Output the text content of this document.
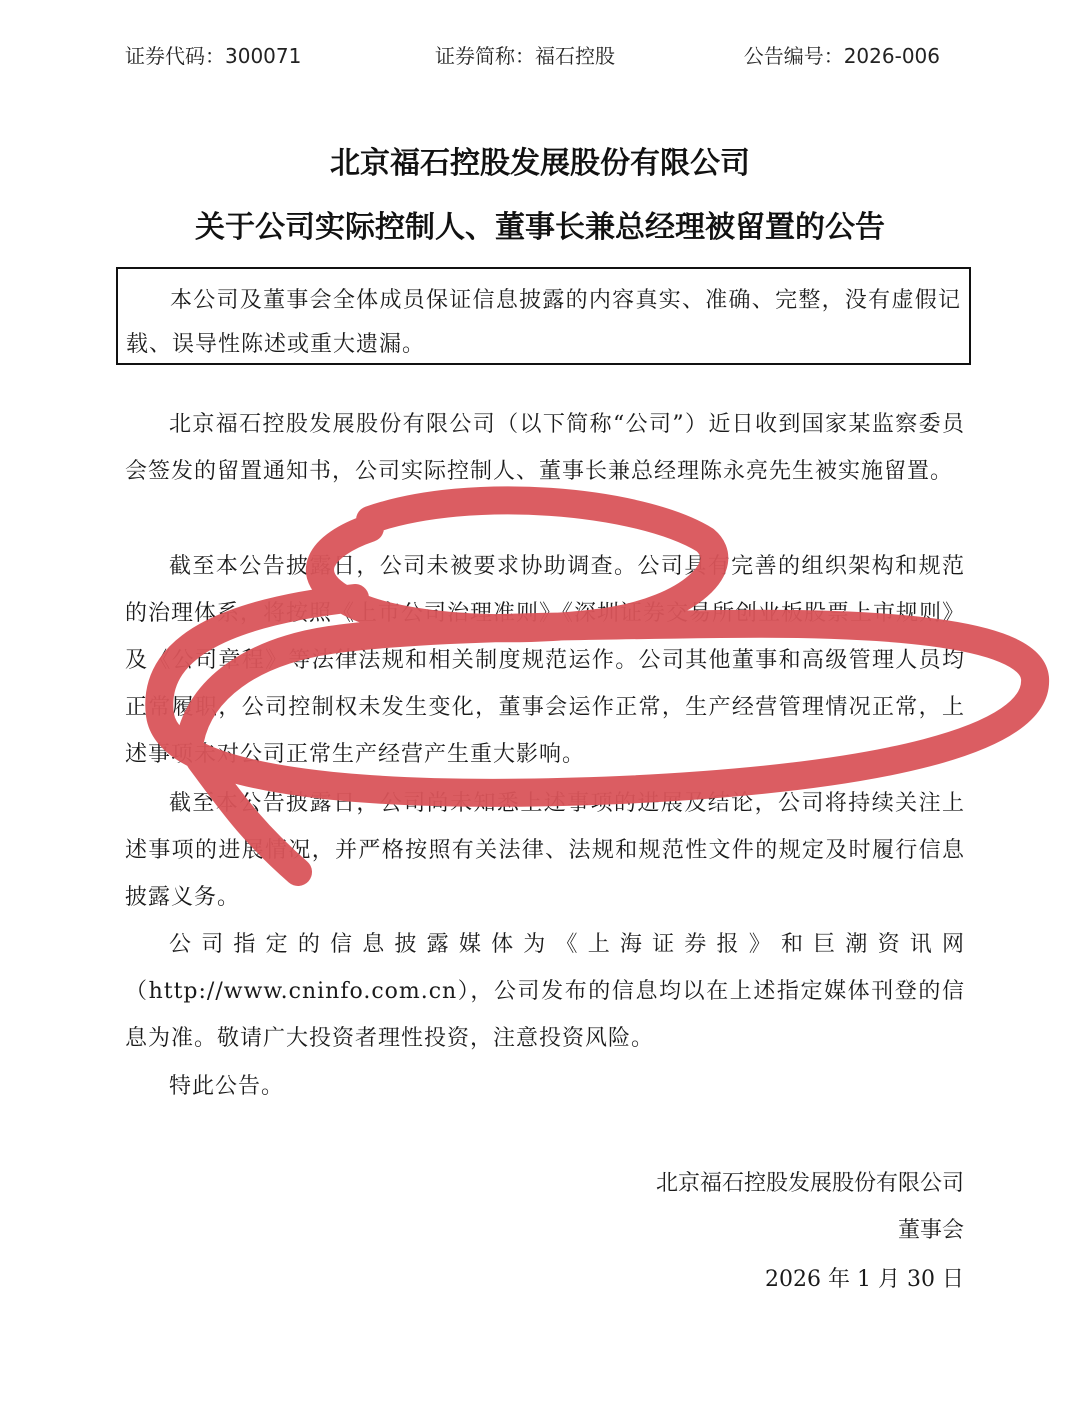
证券代码：300071	证券简称：福石控股	公告编号：2026-006
北京福石控股发展股份有限公司
关于公司实际控制人、董事长兼总经理被留置的公告
本公司及董事会全体成员保证信息披露的内容真实、准确、完整，没有虚假记载、误导性陈述或重大遗漏。
北京福石控股发展股份有限公司（以下简称“公司”）近日收到国家某监察委员会签发的留置通知书，公司实际控制人、董事长兼总经理陈永亮先生被实施留置。
截至本公告披露日，公司未被要求协助调查。公司具有完善的组织架构和规范的治理体系，将按照《上市公司治理准则》《深圳证券交易所创业板股票上市规则》及《公司章程》等法律法规和相关制度规范运作。公司其他董事和高级管理人员均正常履职，公司控制权未发生变化，董事会运作正常，生产经营管理情况正常，上述事项未对公司正常生产经营产生重大影响。
截至本公告披露日，公司尚未知悉上述事项的进展及结论，公司将持续关注上述事项的进展情况，并严格按照有关法律、法规和规范性文件的规定及时履行信息披露义务。
公司指定的信息披露媒体为《上海证券报》和巨潮资讯网（http://www.cninfo.com.cn），公司发布的信息均以在上述指定媒体刊登的信息为准。敬请广大投资者理性投资，注意投资风险。
特此公告。
北京福石控股发展股份有限公司
董事会
2026 年 1 月 30 日
